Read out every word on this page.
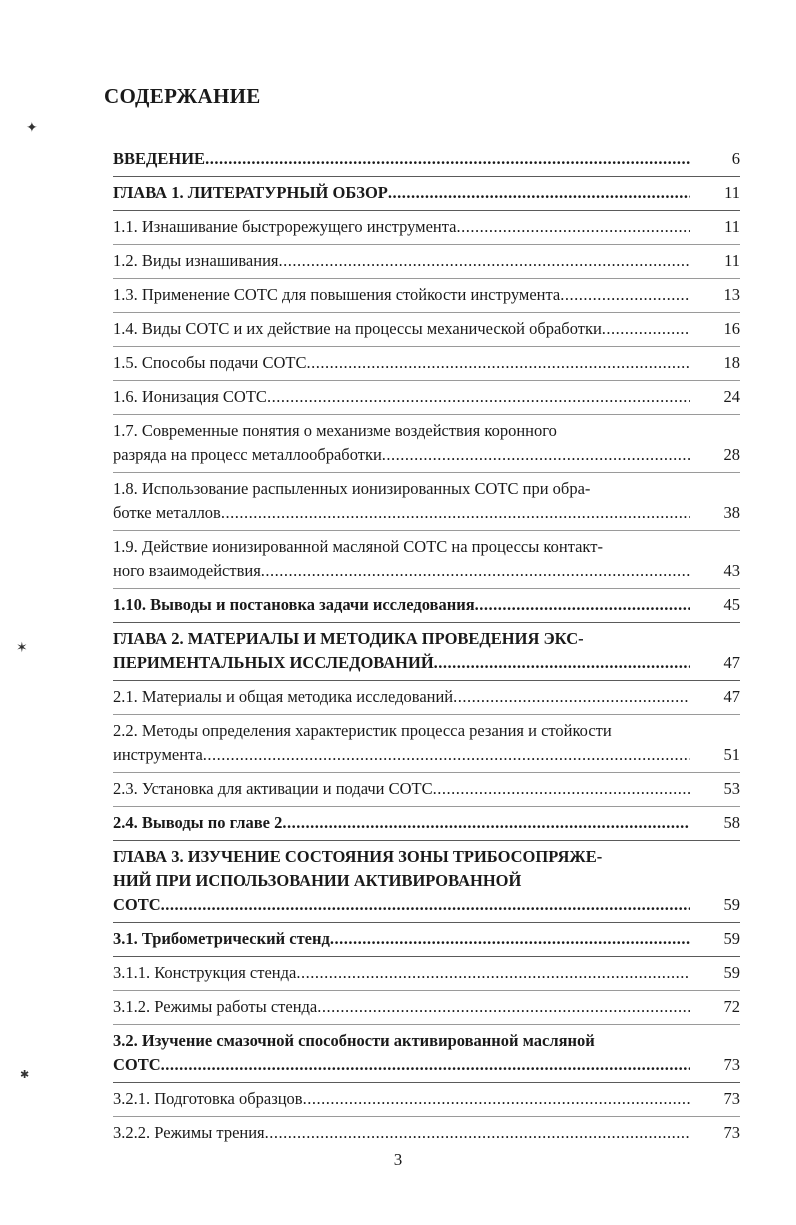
СОДЕРЖАНИЕ
ВВЕДЕНИЕ .....	6
ГЛАВА 1. ЛИТЕРАТУРНЫЙ ОБЗОР .....	11
1.1. Изнашивание быстрорежущего инструмента .....	11
1.2. Виды изнашивания .....	11
1.3. Применение СОТС для повышения стойкости инструмента .....	13
1.4. Виды СОТС и их действие на процессы механической обработки .....	16
1.5. Способы подачи СОТС .....	18
1.6. Ионизация СОТС .....	24
1.7. Современные понятия о механизме воздействия коронного
разряда на процесс металлообработки .....	28
1.8. Использование распыленных ионизированных СОТС при обра-
ботке металлов .....	38
1.9. Действие ионизированной масляной СОТС на процессы контакт-
ного взаимодействия .....	43
1.10. Выводы и постановка задачи исследования .....	45
ГЛАВА 2. МАТЕРИАЛЫ И МЕТОДИКА ПРОВЕДЕНИЯ ЭКС-
ПЕРИМЕНТАЛЬНЫХ ИССЛЕДОВАНИЙ .....	47
2.1. Материалы и общая методика исследований .....	47
2.2. Методы определения характеристик процесса резания и стойкости
инструмента .....	51
2.3. Установка для активации и подачи СОТС .....	53
2.4. Выводы по главе 2 .....	58
ГЛАВА 3. ИЗУЧЕНИЕ СОСТОЯНИЯ ЗОНЫ ТРИБОСОПРЯЖЕ-
НИЙ ПРИ ИСПОЛЬЗОВАНИИ АКТИВИРОВАННОЙ
СОТС .....	59
3.1. Трибометрический стенд .....	59
3.1.1. Конструкция стенда .....	59
3.1.2. Режимы работы стенда .....	72
3.2. Изучение смазочной способности активированной масляной
СОТС .....	73
3.2.1. Подготовка образцов .....	73
3.2.2. Режимы трения .....	73
3
✦
✶
✱
